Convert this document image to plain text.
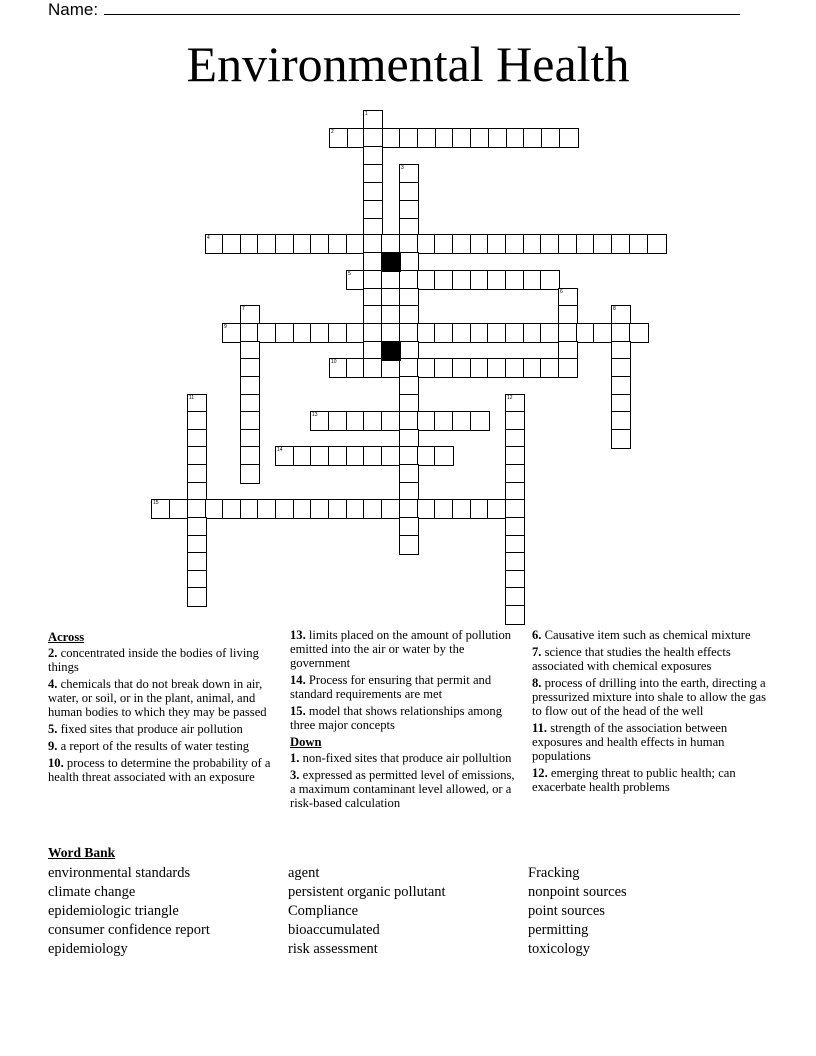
Name:
Environmental Health
1
2
3
4
5
6
7	8
9
10
11	12
13
14
15
Across
2. concentrated inside the bodies of living things
4. chemicals that do not break down in air, water, or soil, or in the plant, animal, and human bodies to which they may be passed
5. fixed sites that produce air pollution
9. a report of the results of water testing
10. process to determine the probability of a health threat associated with an exposure
13. limits placed on the amount of pollution emitted into the air or water by the government
14. Process for ensuring that permit and standard requirements are met
15. model that shows relationships among three major concepts
Down
1. non-fixed sites that produce air pollultion
3. expressed as permitted level of emissions, a maximum contaminant level allowed, or a risk-based calculation
6. Causative item such as chemical mixture
7. science that studies the health effects associated with chemical exposures
8. process of drilling into the earth, directing a pressurized mixture into shale to allow the gas to flow out of the head of the well
11. strength of the association between exposures and health effects in human populations
12. emerging threat to public health; can exacerbate health problems
Word Bank
environmental standards
climate change
epidemiologic triangle
consumer confidence report
epidemiology
agent
persistent organic pollutant
Compliance
bioaccumulated
risk assessment
Fracking
nonpoint sources
point sources
permitting
toxicology
